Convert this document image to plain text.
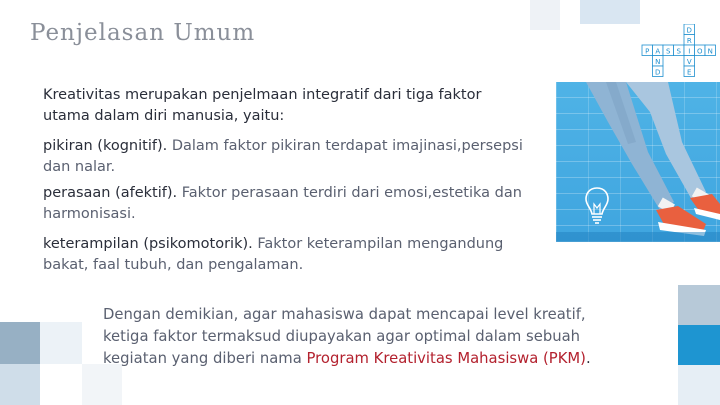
Penjelasan Umum	D
R
V
E
P A S S I O N
N
D

Kreativitas merupakan penjelmaan integratif dari tiga faktor utama dalam diri manusia, yaitu:

pikiran (kognitif). Dalam faktor pikiran terdapat imajinasi,persepsi dan nalar.

perasaan (afektif). Faktor perasaan terdiri dari emosi,estetika dan harmonisasi.

keterampilan (psikomotorik). Faktor keterampilan mengandung bakat, faal tubuh, dan pengalaman.

Dengan demikian, agar mahasiswa dapat mencapai level kreatif, ketiga faktor termaksud diupayakan agar optimal dalam sebuah kegiatan yang diberi nama Program Kreativitas Mahasiswa (PKM).
